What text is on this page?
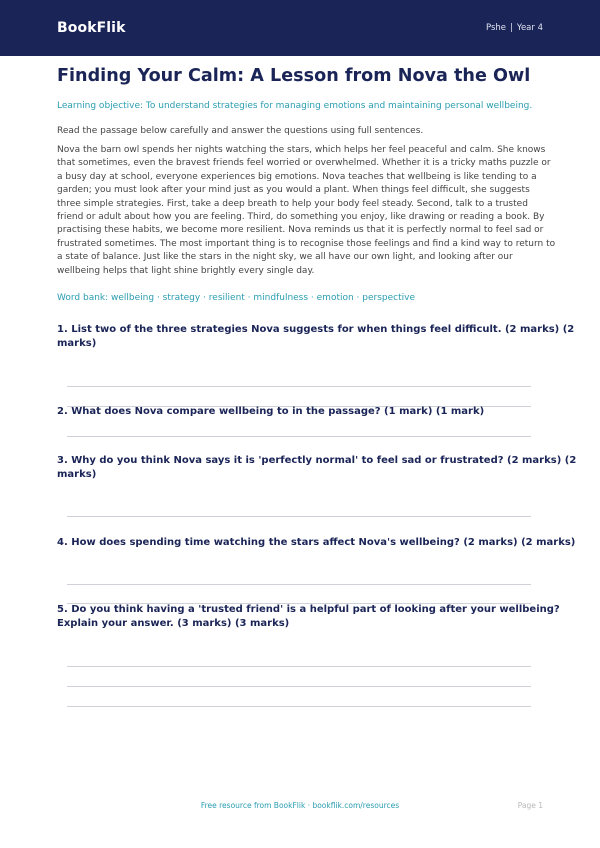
BookFlik	Pshe | Year 4
Finding Your Calm: A Lesson from Nova the Owl

Learning objective: To understand strategies for managing emotions and maintaining personal wellbeing.

Read the passage below carefully and answer the questions using full sentences.

Nova the barn owl spends her nights watching the stars, which helps her feel peaceful and calm. She knows
that sometimes, even the bravest friends feel worried or overwhelmed. Whether it is a tricky maths puzzle or
a busy day at school, everyone experiences big emotions. Nova teaches that wellbeing is like tending to a
garden; you must look after your mind just as you would a plant. When things feel difficult, she suggests
three simple strategies. First, take a deep breath to help your body feel steady. Second, talk to a trusted
friend or adult about how you are feeling. Third, do something you enjoy, like drawing or reading a book. By
practising these habits, we become more resilient. Nova reminds us that it is perfectly normal to feel sad or
frustrated sometimes. The most important thing is to recognise those feelings and find a kind way to return to
a state of balance. Just like the stars in the night sky, we all have our own light, and looking after our
wellbeing helps that light shine brightly every single day.

Word bank: wellbeing · strategy · resilient · mindfulness · emotion · perspective

1. List two of the three strategies Nova suggests for when things feel difficult. (2 marks) (2
marks)
2. What does Nova compare wellbeing to in the passage? (1 mark) (1 mark)
3. Why do you think Nova says it is 'perfectly normal' to feel sad or frustrated? (2 marks) (2
marks)
4. How does spending time watching the stars affect Nova's wellbeing? (2 marks) (2 marks)
5. Do you think having a 'trusted friend' is a helpful part of looking after your wellbeing?
Explain your answer. (3 marks) (3 marks)
Free resource from BookFlik · bookflik.com/resources	Page 1
